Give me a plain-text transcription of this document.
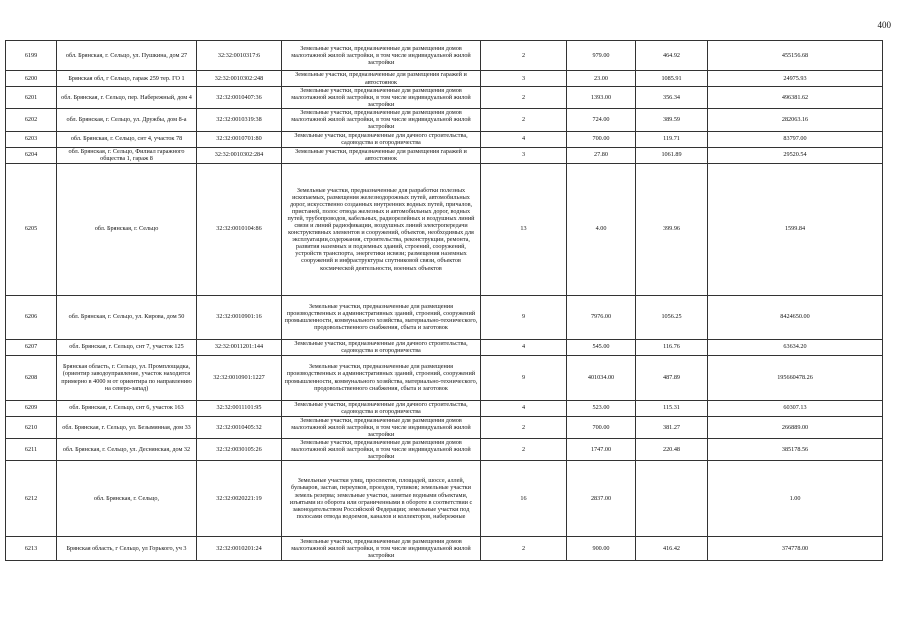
400
6199	обл. Брянская, г. Сельцо, ул. Пушкина, дом 27	32:32:0010317:6	Земельные участки, предназначенные для размещения домов малоэтажной жилой застройки, в том числе индивидуальной жилой застройки	2	979.00	464.92	455156.68
6200	Брянская обл, г Сельцо, гараж 259 тер. ГО 1	32:32:0010302:248	Земельные участки, предназначенные для размещения гаражей и автостоянок	3	23.00	1085.91	24975.93
6201	обл. Брянская, г. Сельцо, пер. Набережный, дом 4	32:32:0010407:36	Земельные участки, предназначенные для размещения домов малоэтажной жилой застройки, в том числе индивидуальной жилой застройки	2	1393.00	356.34	496381.62
6202	обл. Брянская, г. Сельцо, ул. Дружбы, дом 8-а	32:32:0010319:38	Земельные участки, предназначенные для размещения домов малоэтажной жилой застройки, в том числе индивидуальной жилой застройки	2	724.00	389.59	282063.16
6203	обл. Брянская, г. Сельцо, снт 4, участок 78	32:32:0010701:80	Земельные участки, предназначенные для дачного строительства, садоводства и огородничества	4	700.00	119.71	83797.00
6204	обл. Брянская, г. Сельцо, Филиал гаражного общества 1, гараж 8	32:32:0010302:284	Земельные участки, предназначенные для размещения гаражей и автостоянок	3	27.80	1061.89	29520.54
6205	обл. Брянская, г. Сельцо	32:32:0010104:86	Земельные участки, предназначенные для разработки полезных ископаемых, размещения железнодорожных путей, автомобильных дорог, искусственно созданных внутренних водных путей, причалов, пристаней, полос отвода железных и автомобильных дорог, водных путей, трубопроводов, кабельных, радиорелейных и воздушных линий связи и линий радиофикации, воздушных линий электропередачи конструктивных элементов и сооружений, объектов, необходимых для эксплуатации,содержания, строительства, реконструкции, ремонта, развития наземных и подземных зданий, строений, сооружений, устройств транспорта, энергетики исвязи; размещения наземных сооружений и инфраструктуры спутниковой связи, объектов космической деятельности, военных объектов	13	4.00	399.96	1599.84
6206	обл. Брянская, г. Сельцо, ул. Кирова, дом 50	32:32:0010901:16	Земельные участки, предназначенные для размещения производственных и административных зданий, строений, сооружений промышленности, коммунального хозяйства, материально-технического, продовольственного снабжения, сбыта и заготовок	9	7976.00	1056.25	8424650.00
6207	обл. Брянская, г. Сельцо, снт 7, участок 125	32:32:0011201:144	Земельные участки, предназначенные для дачного строительства, садоводства и огородничества	4	545.00	116.76	63634.20
6208	Брянская область, г. Сельцо, ул. Промплощадка, (ориентир заводоуправление, участок находится примерно в 4000 м от ориентира по направлению на северо-запад)	32:32:0010901:1227	Земельные участки, предназначенные для размещения производственных и административных зданий, строений, сооружений промышленности, коммунального хозяйства, материально-технического, продовольственного снабжения, сбыта и заготовок	9	401034.00	487.89	195660478.26
6209	обл. Брянская, г. Сельцо, снт 6, участок 163	32:32:0011101:95	Земельные участки, предназначенные для дачного строительства, садоводства и огородничества	4	523.00	115.31	60307.13
6210	обл. Брянская, г. Сельцо, ул. Безымянная, дом 33	32:32:0010405:32	Земельные участки, предназначенные для размещения домов малоэтажной жилой застройки, в том числе индивидуальной жилой застройки	2	700.00	381.27	266889.00
6211	обл. Брянская, г. Сельцо, ул. Деснянская, дом 32	32:32:0030105:26	Земельные участки, предназначенные для размещения домов малоэтажной жилой застройки, в том числе индивидуальной жилой застройки	2	1747.00	220.48	385178.56
6212	обл. Брянская, г. Сельцо,	32:32:0020221:19	Земельные участки улиц, проспектов, площадей, шоссе, аллей, бульваров, застав, переулков, проездов, тупиков; земельные участки земель резерва; земельные участки, занятые водными объектами, изъятыми из оборота или ограниченными в обороте в соответствии с законодательством Российской Федерации; земельные участки под полосами отвода водоемов, каналов и коллекторов, набережные	16	2837.00		1.00
6213	Брянская область, г Сельцо, ул Горького, уч 3	32:32:0010201:24	Земельные участки, предназначенные для размещения домов малоэтажной жилой застройки, в том числе индивидуальной жилой застройки	2	900.00	416.42	374778.00
